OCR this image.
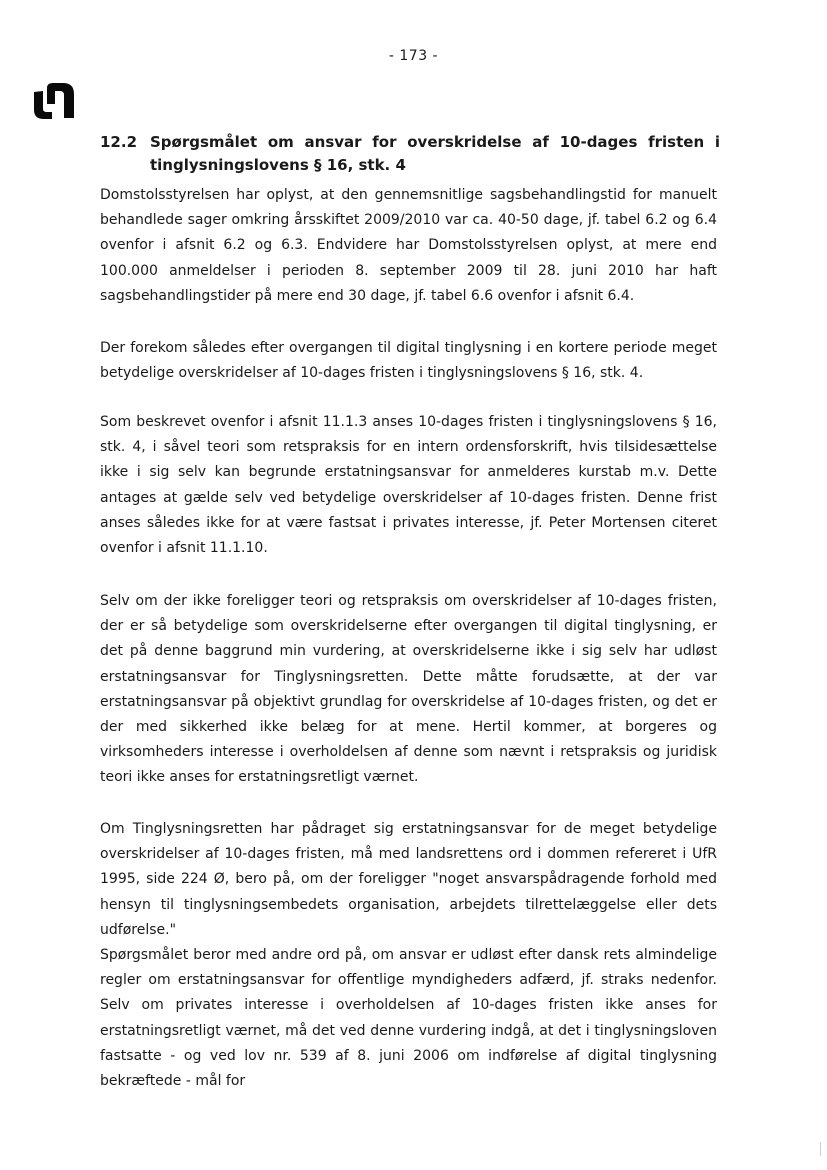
- 173 -
12.2 Spørgsmålet om ansvar for overskridelse af 10-dages fristen i tinglysningslovens § 16, stk. 4

Domstolsstyrelsen har oplyst, at den gennemsnitlige sagsbehandlingstid for manuelt behandlede sager omkring årsskiftet 2009/2010 var ca. 40-50 dage, jf. tabel 6.2 og 6.4 ovenfor i afsnit 6.2 og 6.3. Endvidere har Domstolsstyrelsen oplyst, at mere end 100.000 anmeldelser i perioden 8. september 2009 til 28. juni 2010 har haft sagsbehandlingstider på mere end 30 dage, jf. tabel 6.6 ovenfor i afsnit 6.4.

Der forekom således efter overgangen til digital tinglysning i en kortere periode meget betydelige overskridelser af 10-dages fristen i tinglysningslovens § 16, stk. 4.

Som beskrevet ovenfor i afsnit 11.1.3 anses 10-dages fristen i tinglysningslovens § 16, stk. 4, i såvel teori som retspraksis for en intern ordensforskrift, hvis tilsidesættelse ikke i sig selv kan begrunde erstatningsansvar for anmelderes kurstab m.v. Dette antages at gælde selv ved betydelige overskridelser af 10-dages fristen. Denne frist anses således ikke for at være fastsat i privates interesse, jf. Peter Mortensen citeret ovenfor i afsnit 11.1.10.

Selv om der ikke foreligger teori og retspraksis om overskridelser af 10-dages fristen, der er så betydelige som overskridelserne efter overgangen til digital tinglysning, er det på denne baggrund min vurdering, at overskridelserne ikke i sig selv har udløst erstatningsansvar for Tinglysningsretten. Dette måtte forudsætte, at der var erstatningsansvar på objektivt grundlag for overskridelse af 10-dages fristen, og det er der med sikkerhed ikke belæg for at mene. Hertil kommer, at borgeres og virksomheders interesse i overholdelsen af denne som nævnt i retspraksis og juridisk teori ikke anses for erstatningsretligt værnet.

Om Tinglysningsretten har pådraget sig erstatningsansvar for de meget betydelige overskridelser af 10-dages fristen, må med landsrettens ord i dommen refereret i UfR 1995, side 224 Ø, bero på, om der foreligger "noget ansvarspådragende forhold med hensyn til tinglysningsembedets organisation, arbejdets tilrettelæggelse eller dets udførelse."

Spørgsmålet beror med andre ord på, om ansvar er udløst efter dansk rets almindelige regler om erstatningsansvar for offentlige myndigheders adfærd, jf. straks nedenfor. Selv om privates interesse i overholdelsen af 10-dages fristen ikke anses for erstatningsretligt værnet, må det ved denne vurdering indgå, at det i tinglysningsloven fastsatte - og ved lov nr. 539 af 8. juni 2006 om indførelse af digital tinglysning bekræftede - mål for
